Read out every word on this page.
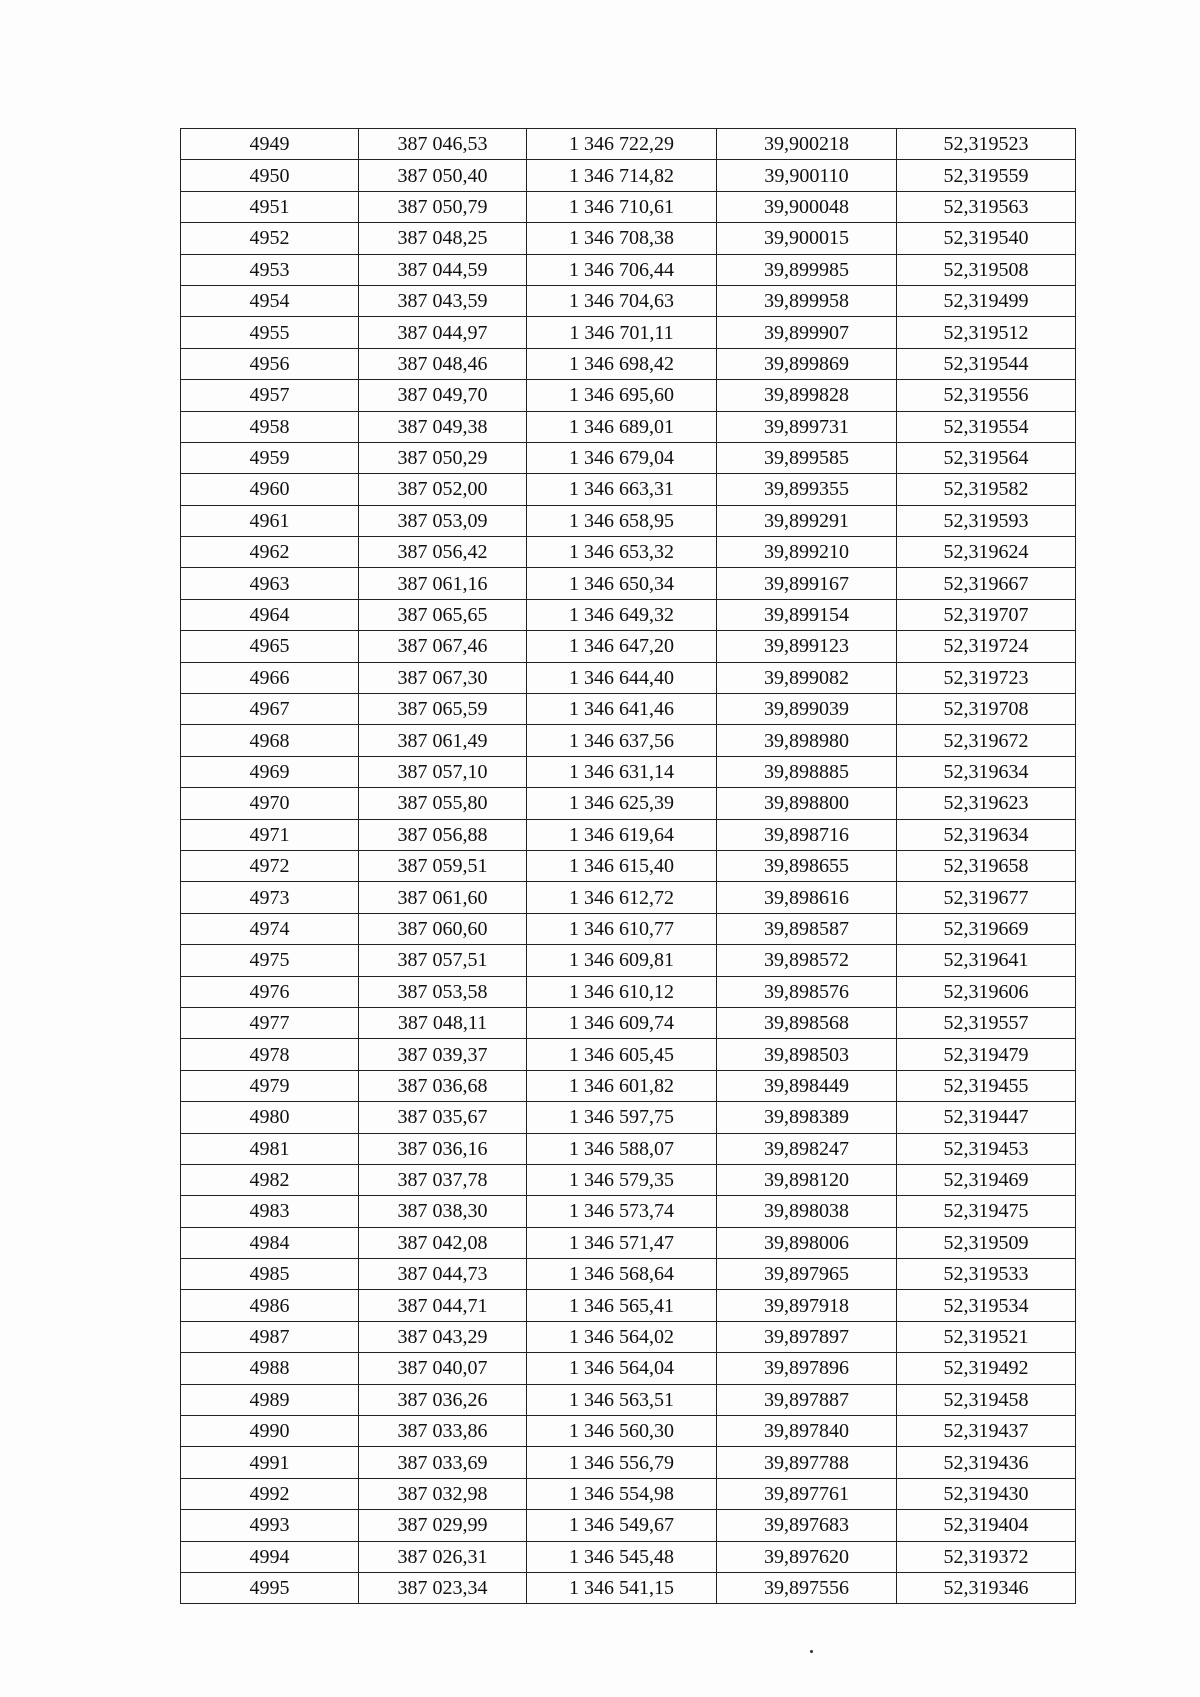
4949	387 046,53	1 346 722,29	39,900218	52,319523
4950	387 050,40	1 346 714,82	39,900110	52,319559
4951	387 050,79	1 346 710,61	39,900048	52,319563
4952	387 048,25	1 346 708,38	39,900015	52,319540
4953	387 044,59	1 346 706,44	39,899985	52,319508
4954	387 043,59	1 346 704,63	39,899958	52,319499
4955	387 044,97	1 346 701,11	39,899907	52,319512
4956	387 048,46	1 346 698,42	39,899869	52,319544
4957	387 049,70	1 346 695,60	39,899828	52,319556
4958	387 049,38	1 346 689,01	39,899731	52,319554
4959	387 050,29	1 346 679,04	39,899585	52,319564
4960	387 052,00	1 346 663,31	39,899355	52,319582
4961	387 053,09	1 346 658,95	39,899291	52,319593
4962	387 056,42	1 346 653,32	39,899210	52,319624
4963	387 061,16	1 346 650,34	39,899167	52,319667
4964	387 065,65	1 346 649,32	39,899154	52,319707
4965	387 067,46	1 346 647,20	39,899123	52,319724
4966	387 067,30	1 346 644,40	39,899082	52,319723
4967	387 065,59	1 346 641,46	39,899039	52,319708
4968	387 061,49	1 346 637,56	39,898980	52,319672
4969	387 057,10	1 346 631,14	39,898885	52,319634
4970	387 055,80	1 346 625,39	39,898800	52,319623
4971	387 056,88	1 346 619,64	39,898716	52,319634
4972	387 059,51	1 346 615,40	39,898655	52,319658
4973	387 061,60	1 346 612,72	39,898616	52,319677
4974	387 060,60	1 346 610,77	39,898587	52,319669
4975	387 057,51	1 346 609,81	39,898572	52,319641
4976	387 053,58	1 346 610,12	39,898576	52,319606
4977	387 048,11	1 346 609,74	39,898568	52,319557
4978	387 039,37	1 346 605,45	39,898503	52,319479
4979	387 036,68	1 346 601,82	39,898449	52,319455
4980	387 035,67	1 346 597,75	39,898389	52,319447
4981	387 036,16	1 346 588,07	39,898247	52,319453
4982	387 037,78	1 346 579,35	39,898120	52,319469
4983	387 038,30	1 346 573,74	39,898038	52,319475
4984	387 042,08	1 346 571,47	39,898006	52,319509
4985	387 044,73	1 346 568,64	39,897965	52,319533
4986	387 044,71	1 346 565,41	39,897918	52,319534
4987	387 043,29	1 346 564,02	39,897897	52,319521
4988	387 040,07	1 346 564,04	39,897896	52,319492
4989	387 036,26	1 346 563,51	39,897887	52,319458
4990	387 033,86	1 346 560,30	39,897840	52,319437
4991	387 033,69	1 346 556,79	39,897788	52,319436
4992	387 032,98	1 346 554,98	39,897761	52,319430
4993	387 029,99	1 346 549,67	39,897683	52,319404
4994	387 026,31	1 346 545,48	39,897620	52,319372
4995	387 023,34	1 346 541,15	39,897556	52,319346
